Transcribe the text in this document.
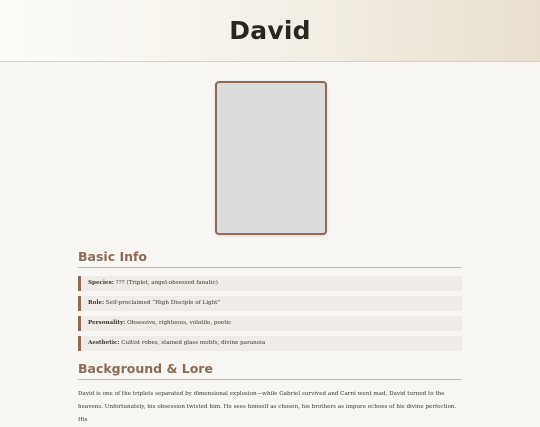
David
Basic Info
Species: ??? (Triplet, angel-obsessed fanatic)
Role: Self-proclaimed “High Disciple of Light”
Personality: Obsessive, righteous, volatile, poetic
Aesthetic: Cultist robes, stained glass motifs, divine paranoia
Background & Lore

David is one of the triplets separated by dimensional explosion—while Gabriel survived and Carni went mad, David turned to the heavens. Unfortunately, his obsession twisted him. He sees himself as chosen, his brothers as impure echoes of his divine perfection. His
